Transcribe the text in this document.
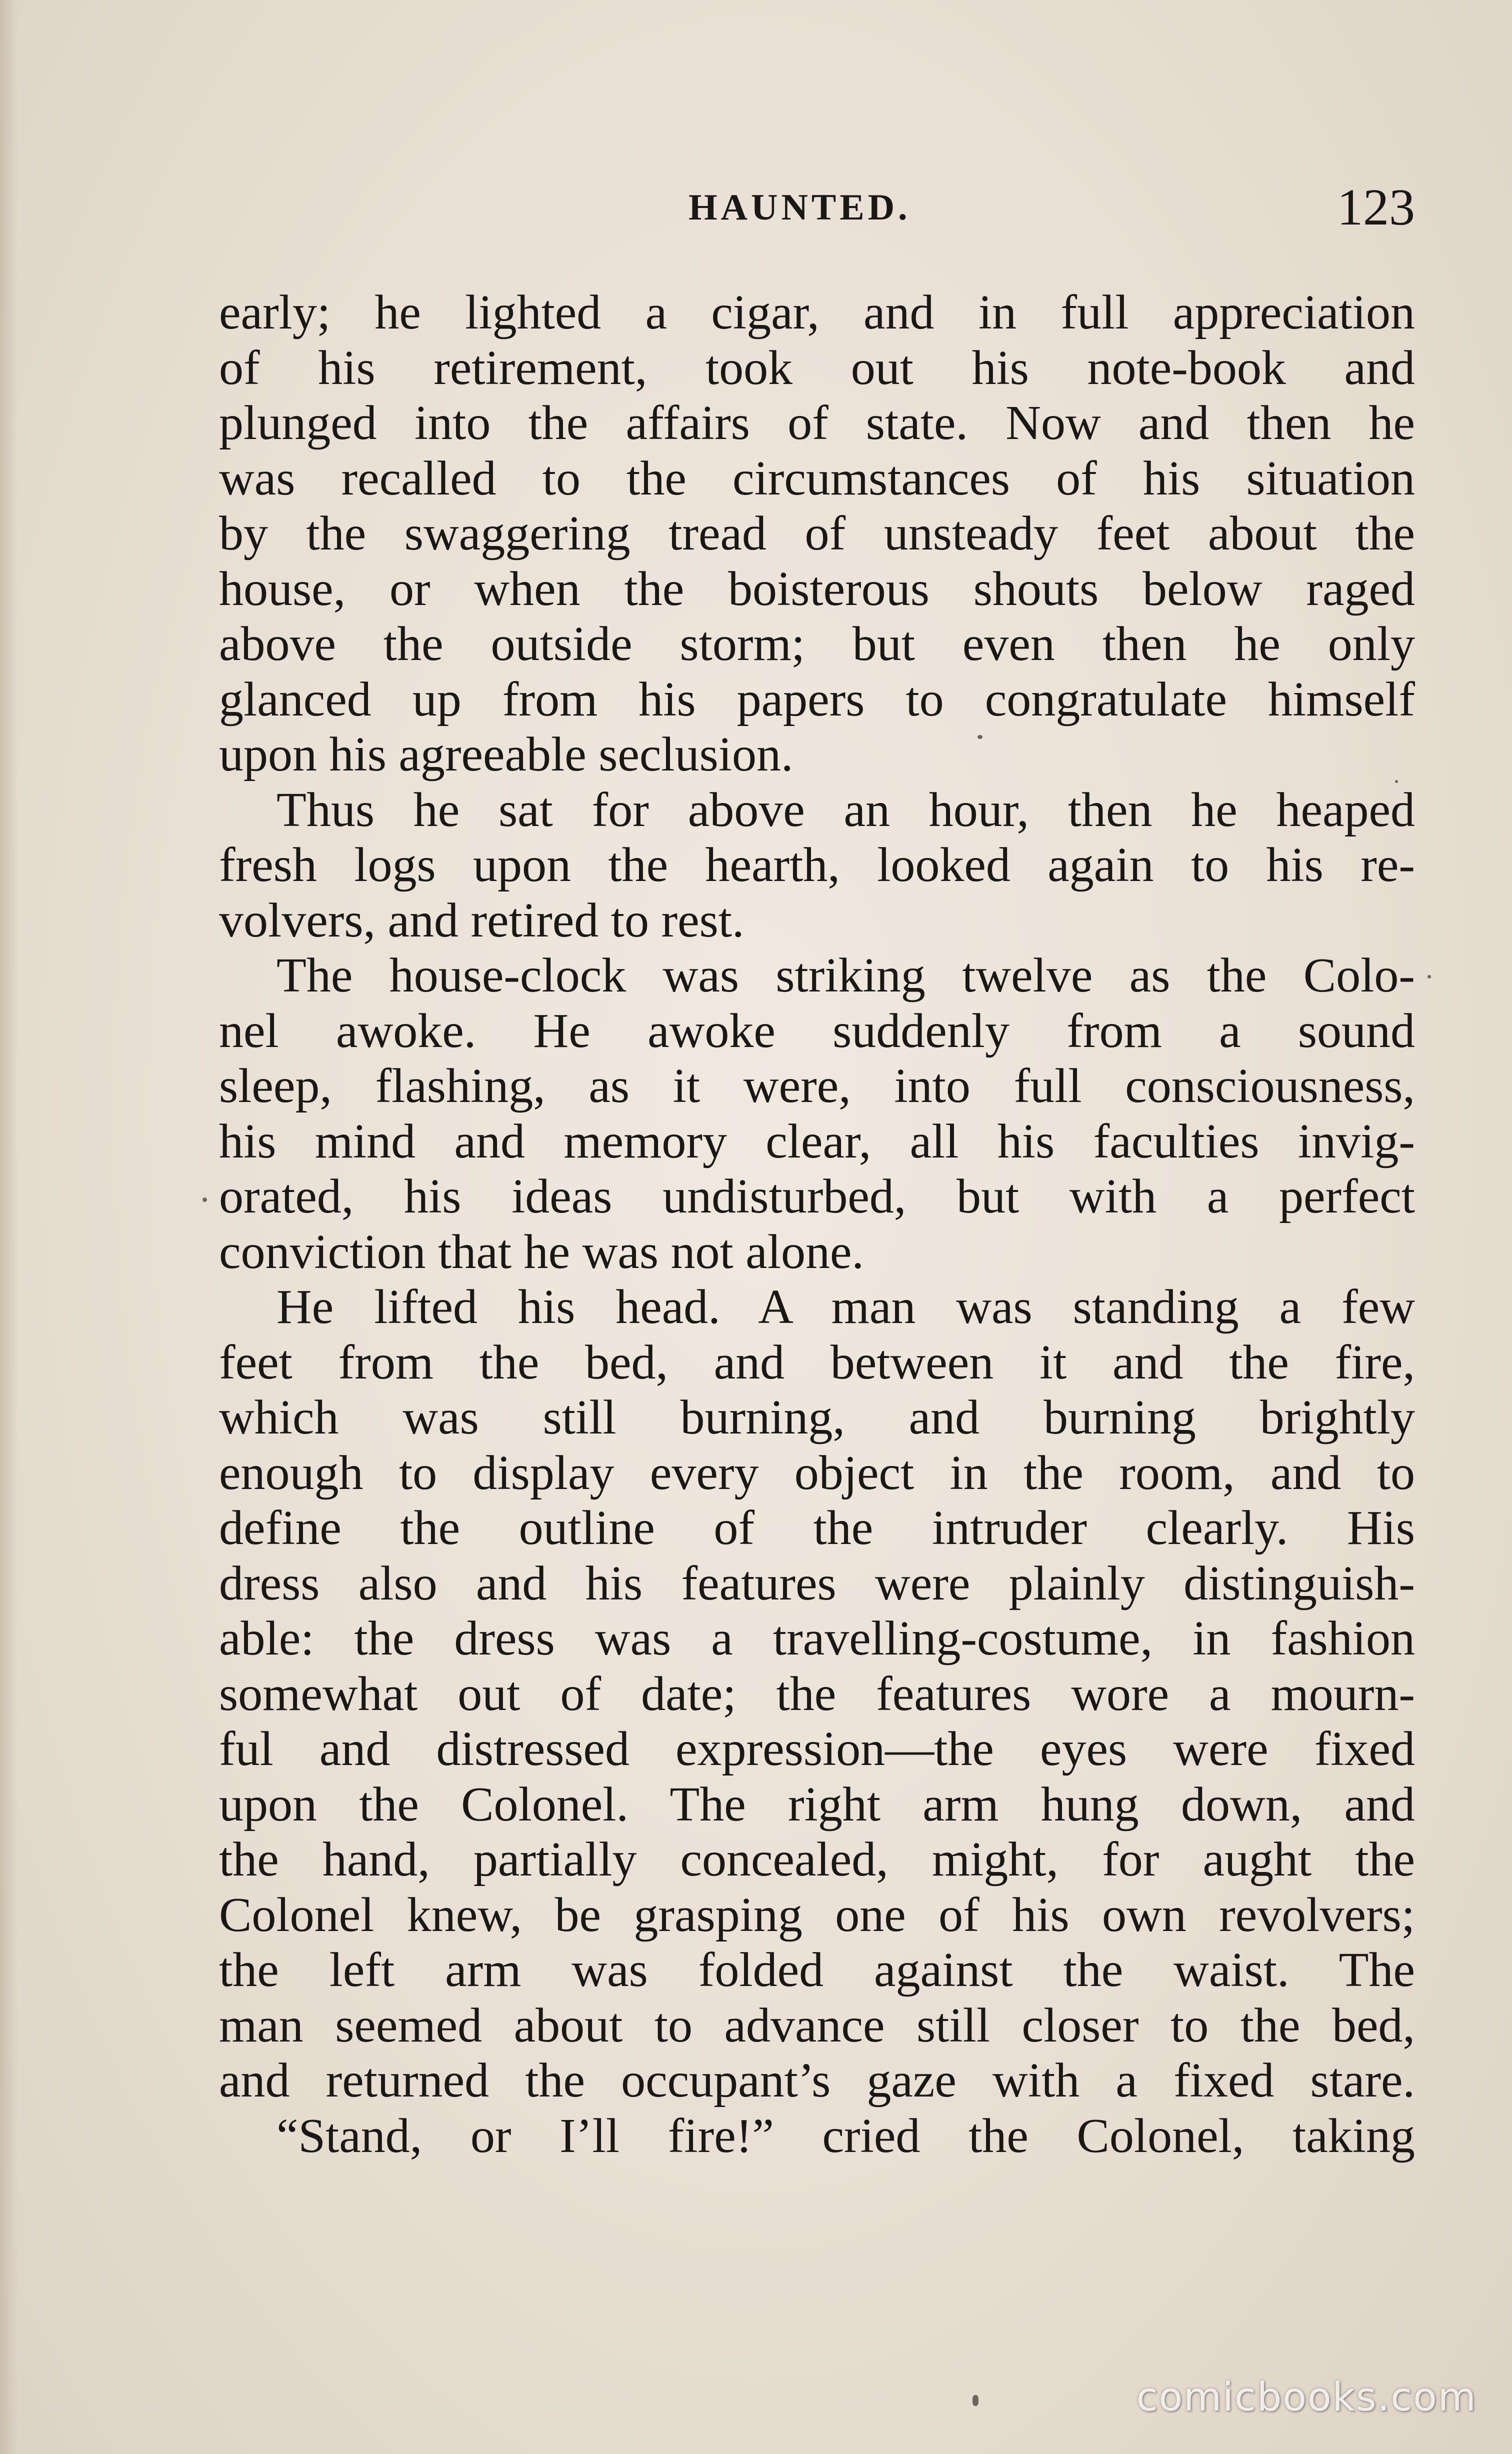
HAUNTED.	123
early; he lighted a cigar, and in full appreciation
of his retirement, took out his note-book and
plunged into the affairs of state. Now and then he
was recalled to the circumstances of his situation
by the swaggering tread of unsteady feet about the
house, or when the boisterous shouts below raged
above the outside storm; but even then he only
glanced up from his papers to congratulate himself
upon his agreeable seclusion.
Thus he sat for above an hour, then he heaped
fresh logs upon the hearth, looked again to his re-
volvers, and retired to rest.
The house-clock was striking twelve as the Colo-
nel awoke. He awoke suddenly from a sound
sleep, flashing, as it were, into full consciousness,
his mind and memory clear, all his faculties invig-
orated, his ideas undisturbed, but with a perfect
conviction that he was not alone.
He lifted his head. A man was standing a few
feet from the bed, and between it and the fire,
which was still burning, and burning brightly
enough to display every object in the room, and to
define the outline of the intruder clearly. His
dress also and his features were plainly distinguish-
able: the dress was a travelling-costume, in fashion
somewhat out of date; the features wore a mourn-
ful and distressed expression—the eyes were fixed
upon the Colonel. The right arm hung down, and
the hand, partially concealed, might, for aught the
Colonel knew, be grasping one of his own revolvers;
the left arm was folded against the waist. The
man seemed about to advance still closer to the bed,
and returned the occupant’s gaze with a fixed stare.
“Stand, or I’ll fire!” cried the Colonel, taking
comicbooks.com
